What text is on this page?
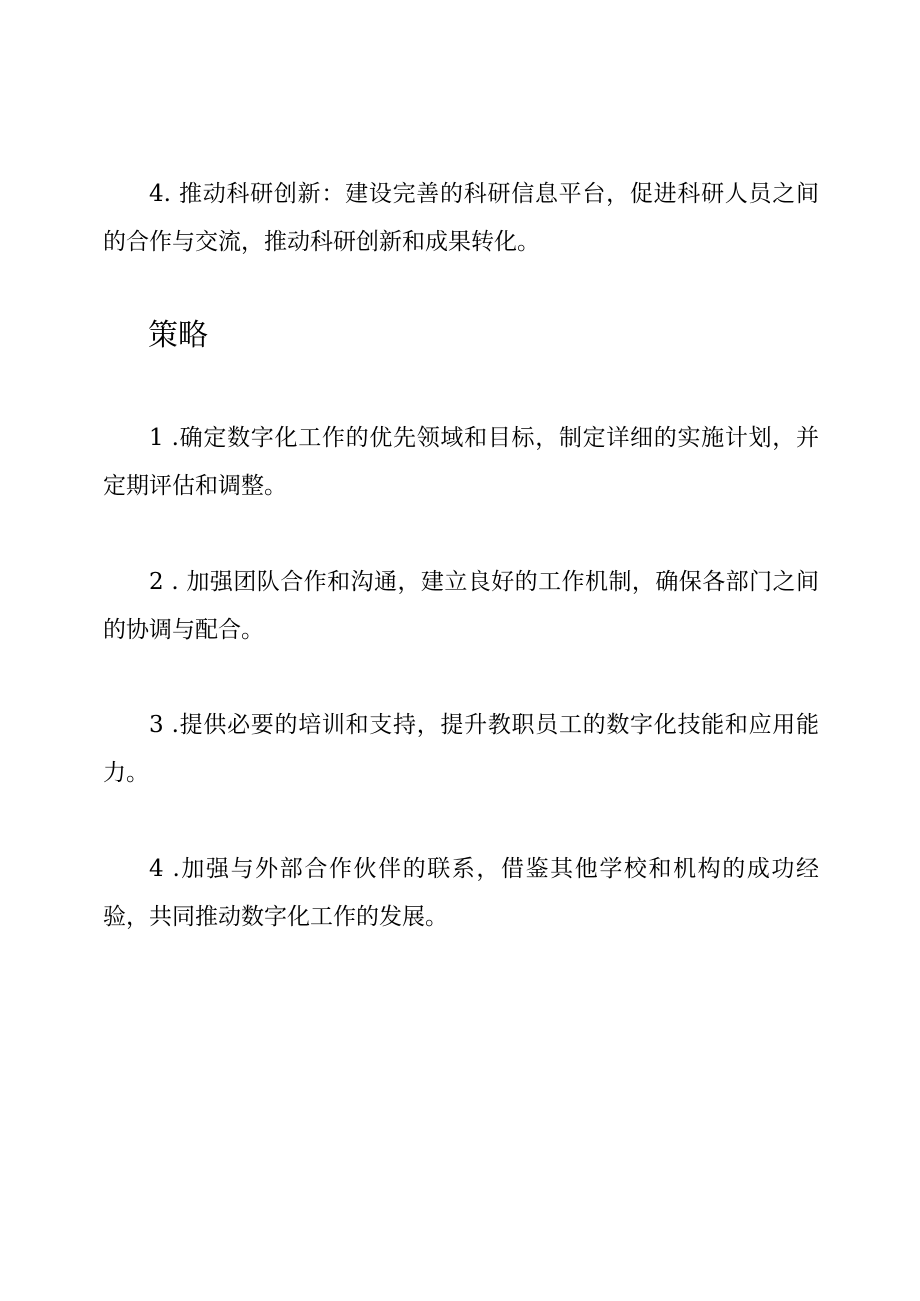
4. 推动科研创新：建设完善的科研信息平台，促进科研人员之间的合作与交流，推动科研创新和成果转化。

策略

1 .确定数字化工作的优先领域和目标，制定详细的实施计划，并定期评估和调整。

2 . 加强团队合作和沟通，建立良好的工作机制，确保各部门之间的协调与配合。

3 .提供必要的培训和支持，提升教职员工的数字化技能和应用能力。

4 .加强与外部合作伙伴的联系，借鉴其他学校和机构的成功经验，共同推动数字化工作的发展。
